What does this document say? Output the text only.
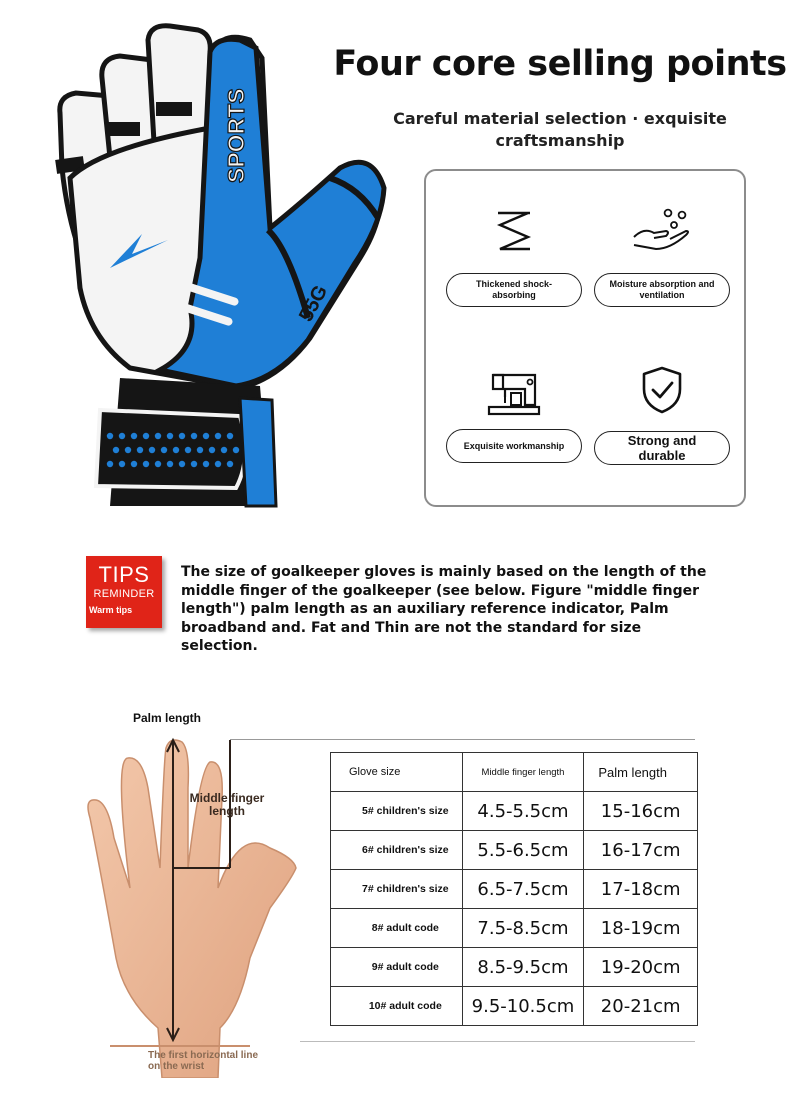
SPORTS
55G
Four core selling points
Careful material selection · exquisite craftsmanship
Thickened shock-absorbing
Moisture absorption and ventilation
Exquisite workmanship	Strong and durable
TIPS
REMINDER
Warm tips
The size of goalkeeper gloves is mainly based on the length of the middle finger of the goalkeeper (see below. Figure "middle finger length") palm length as an auxiliary reference indicator, Palm broadband and. Fat and Thin are not the standard for size selection.
Palm length
Middle finger length
The first horizontal line on the wrist
Glove size	Middle finger length	Palm length
5# children's size	4.5-5.5cm	15-16cm
6# children's size	5.5-6.5cm	16-17cm
7# children's size	6.5-7.5cm	17-18cm
8# adult code	7.5-8.5cm	18-19cm
9# adult code	8.5-9.5cm	19-20cm
10# adult code	9.5-10.5cm	20-21cm
